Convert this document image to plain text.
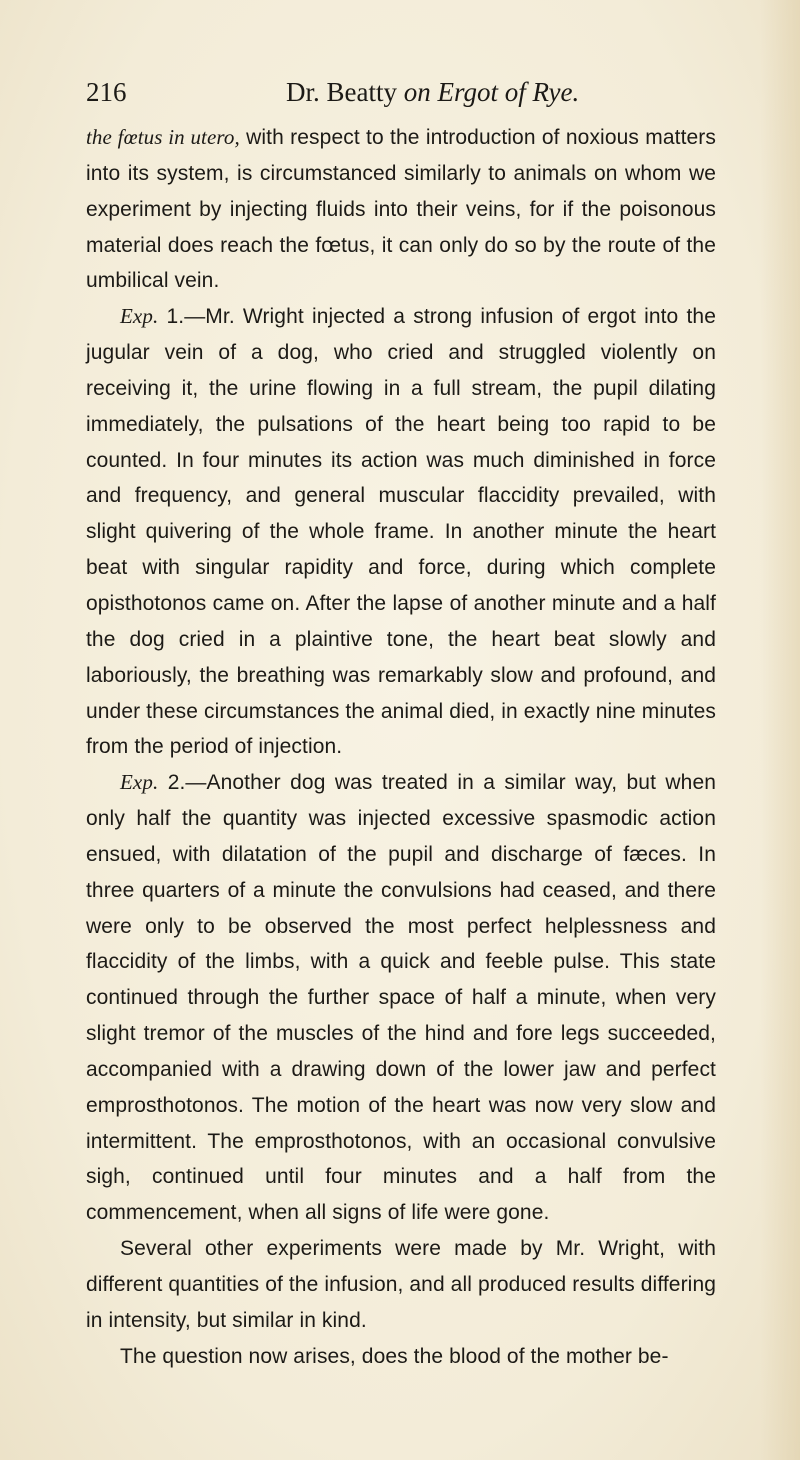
216	Dr. Beatty on Ergot of Rye.

the fœtus in utero, with respect to the introduction of noxious matters into its system, is circumstanced similarly to animals on whom we experiment by injecting fluids into their veins, for if the poisonous material does reach the fœtus, it can only do so by the route of the umbilical vein.

Exp. 1.—Mr. Wright injected a strong infusion of ergot into the jugular vein of a dog, who cried and struggled violently on receiving it, the urine flowing in a full stream, the pupil dilating immediately, the pulsations of the heart being too rapid to be counted. In four minutes its action was much diminished in force and frequency, and general muscular flaccidity prevailed, with slight quivering of the whole frame. In another minute the heart beat with singular rapidity and force, during which complete opisthotonos came on. After the lapse of another minute and a half the dog cried in a plaintive tone, the heart beat slowly and laboriously, the breathing was remarkably slow and profound, and under these circumstances the animal died, in exactly nine minutes from the period of injection.

Exp. 2.—Another dog was treated in a similar way, but when only half the quantity was injected excessive spasmodic action ensued, with dilatation of the pupil and discharge of fæces. In three quarters of a minute the convulsions had ceased, and there were only to be observed the most perfect helplessness and flaccidity of the limbs, with a quick and feeble pulse. This state continued through the further space of half a minute, when very slight tremor of the muscles of the hind and fore legs succeeded, accompanied with a drawing down of the lower jaw and perfect emprosthotonos. The motion of the heart was now very slow and intermittent. The emprosthotonos, with an occasional convulsive sigh, continued until four minutes and a half from the commencement, when all signs of life were gone.

Several other experiments were made by Mr. Wright, with different quantities of the infusion, and all produced results differing in intensity, but similar in kind.

The question now arises, does the blood of the mother be-
